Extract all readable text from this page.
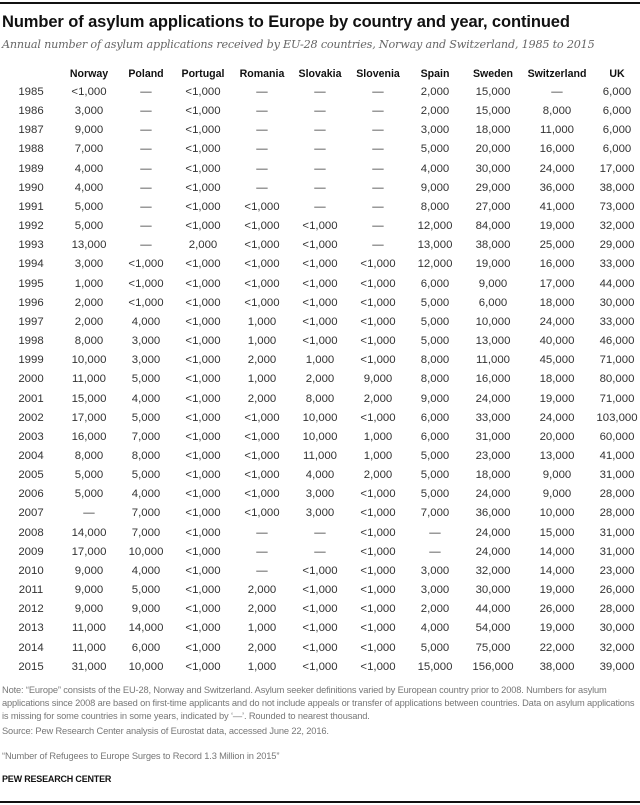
Number of asylum applications to Europe by country and year, continued
Annual number of asylum applications received by EU-28 countries, Norway and Switzerland, 1985 to 2015
Norway Poland Portugal Romania Slovakia Slovenia Spain Sweden Switzerland UK
1985 <1,000	—	<1,000	—	—	—	2,000 15,000	—	6,000
1986	3,000	—	<1,000	—	—	—	2,000 15,000	8,000	6,000
1987	9,000	—	<1,000	—	—	—	3,000 18,000	11,000	6,000
1988	7,000	—	<1,000	—	—	—	5,000 20,000	16,000 6,000
1989	4,000	—	<1,000	—	—	—	4,000 30,000	24,000 17,000
1990	4,000	—	<1,000	—	—	—	9,000 29,000	36,000 38,000
1991	5,000	—	<1,000 <1,000	—	—	8,000 27,000	41,000 73,000
1992	5,000	—	<1,000 <1,000 <1,000	—	12,000 84,000	19,000 32,000
1993 13,000	—	2,000 <1,000 <1,000	—	13,000 38,000	25,000 29,000
1994	3,000 <1,000 <1,000 <1,000 <1,000 <1,000 12,000 19,000	16,000 33,000
1995	1,000 <1,000 <1,000 <1,000 <1,000 <1,000 6,000	9,000	17,000 44,000
1996	2,000 <1,000 <1,000 <1,000 <1,000 <1,000 5,000	6,000	18,000 30,000
1997	2,000 4,000 <1,000 1,000 <1,000 <1,000 5,000 10,000	24,000 33,000
1998	8,000 3,000 <1,000 1,000 <1,000 <1,000 5,000 13,000	40,000 46,000
1999 10,000 3,000 <1,000 2,000	1,000 <1,000 8,000 11,000	45,000 71,000
2000 11,000 5,000 <1,000 1,000	2,000	9,000 8,000 16,000	18,000 80,000
2001 15,000 4,000 <1,000 2,000	8,000	2,000 9,000 24,000	19,000 71,000
2002 17,000 5,000 <1,000 <1,000 10,000 <1,000 6,000 33,000	24,000 103,000
2003 16,000 7,000 <1,000 <1,000 10,000 1,000 6,000 31,000	20,000 60,000
2004	8,000 8,000 <1,000 <1,000 11,000 1,000 5,000 23,000	13,000 41,000
2005	5,000 5,000 <1,000 <1,000 4,000	2,000 5,000 18,000	9,000 31,000
2006	5,000 4,000 <1,000 <1,000 3,000 <1,000 5,000 24,000	9,000 28,000
2007	—	7,000 <1,000 <1,000 3,000 <1,000 7,000 36,000	10,000 28,000
2008 14,000 7,000 <1,000	—	—	<1,000	—	24,000	15,000 31,000
2009 17,000 10,000 <1,000	—	—	<1,000	—	24,000	14,000 31,000
2010	9,000 4,000 <1,000	—	<1,000 <1,000 3,000 32,000	14,000 23,000
2011	9,000 5,000 <1,000 2,000 <1,000 <1,000 3,000 30,000	19,000 26,000
2012	9,000 9,000 <1,000 2,000 <1,000 <1,000 2,000 44,000	26,000 28,000
2013 11,000 14,000 <1,000 1,000 <1,000 <1,000 4,000 54,000	19,000 30,000
2014 11,000 6,000 <1,000 2,000 <1,000 <1,000 5,000 75,000	22,000 32,000
2015 31,000 10,000 <1,000 1,000 <1,000 <1,000 15,000 156,000 38,000 39,000
Note: “Europe” consists of the EU-28, Norway and Switzerland. Asylum seeker definitions varied by European country prior to 2008. Numbers for asylum applications since 2008 are based on first-time applicants and do not include appeals or transfer of applications between countries. Data on asylum applications is missing for some countries in some years, indicated by ‘—’. Rounded to nearest thousand.
Source: Pew Research Center analysis of Eurostat data, accessed June 22, 2016.
“Number of Refugees to Europe Surges to Record 1.3 Million in 2015”
PEW RESEARCH CENTER
